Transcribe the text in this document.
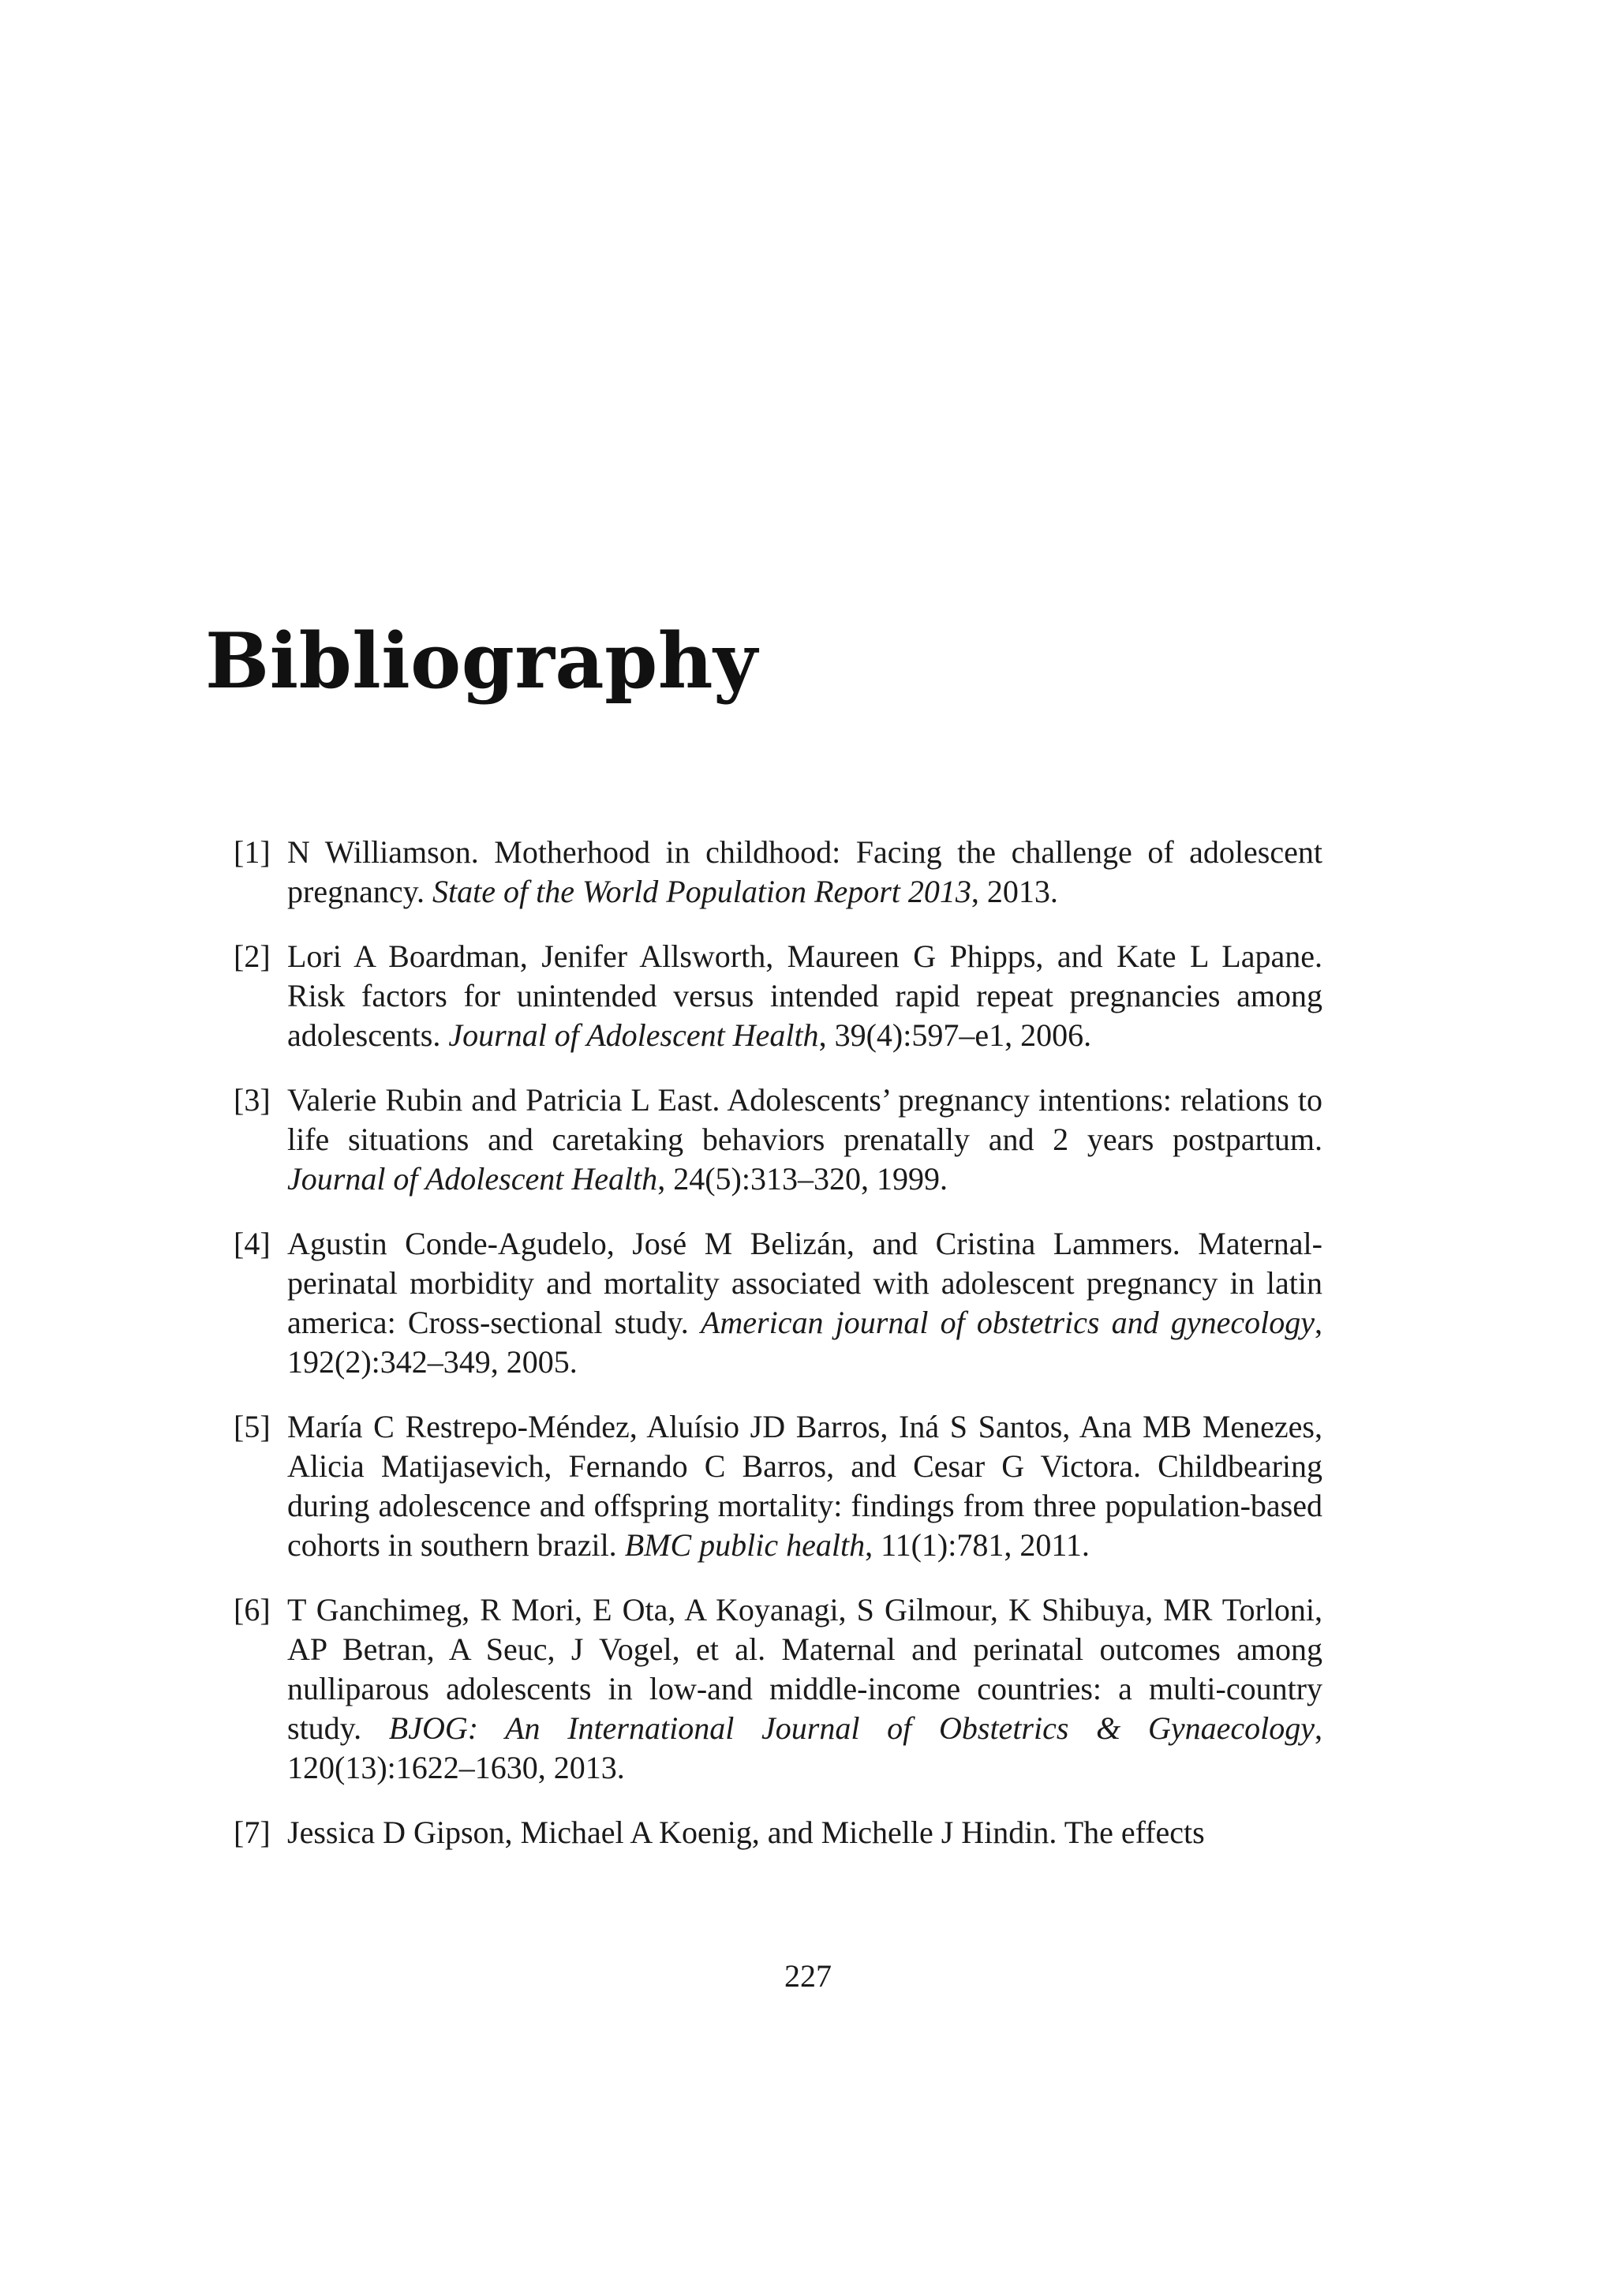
Bibliography
[1] N Williamson. Motherhood in childhood: Facing the challenge of adolescent pregnancy. State of the World Population Report 2013, 2013.
[2] Lori A Boardman, Jenifer Allsworth, Maureen G Phipps, and Kate L Lapane. Risk factors for unintended versus intended rapid repeat pregnancies among adolescents. Journal of Adolescent Health, 39(4):597–e1, 2006.
[3] Valerie Rubin and Patricia L East. Adolescents’ pregnancy intentions: relations to life situations and caretaking behaviors prenatally and 2 years postpartum. Journal of Adolescent Health, 24(5):313–320, 1999.
[4] Agustin Conde-Agudelo, José M Belizán, and Cristina Lammers. Maternal-perinatal morbidity and mortality associated with adolescent pregnancy in latin america: Cross-sectional study. American journal of obstetrics and gynecology, 192(2):342–349, 2005.
[5] María C Restrepo-Méndez, Aluísio JD Barros, Iná S Santos, Ana MB Menezes, Alicia Matijasevich, Fernando C Barros, and Cesar G Victora. Childbearing during adolescence and offspring mortality: findings from three population-based cohorts in southern brazil. BMC public health, 11(1):781, 2011.
[6] T Ganchimeg, R Mori, E Ota, A Koyanagi, S Gilmour, K Shibuya, MR Torloni, AP Betran, A Seuc, J Vogel, et al. Maternal and perinatal outcomes among nulliparous adolescents in low-and middle-income countries: a multi-country study. BJOG: An International Journal of Obstetrics & Gynaecology, 120(13):1622–1630, 2013.
[7] Jessica D Gipson, Michael A Koenig, and Michelle J Hindin. The effects
227
